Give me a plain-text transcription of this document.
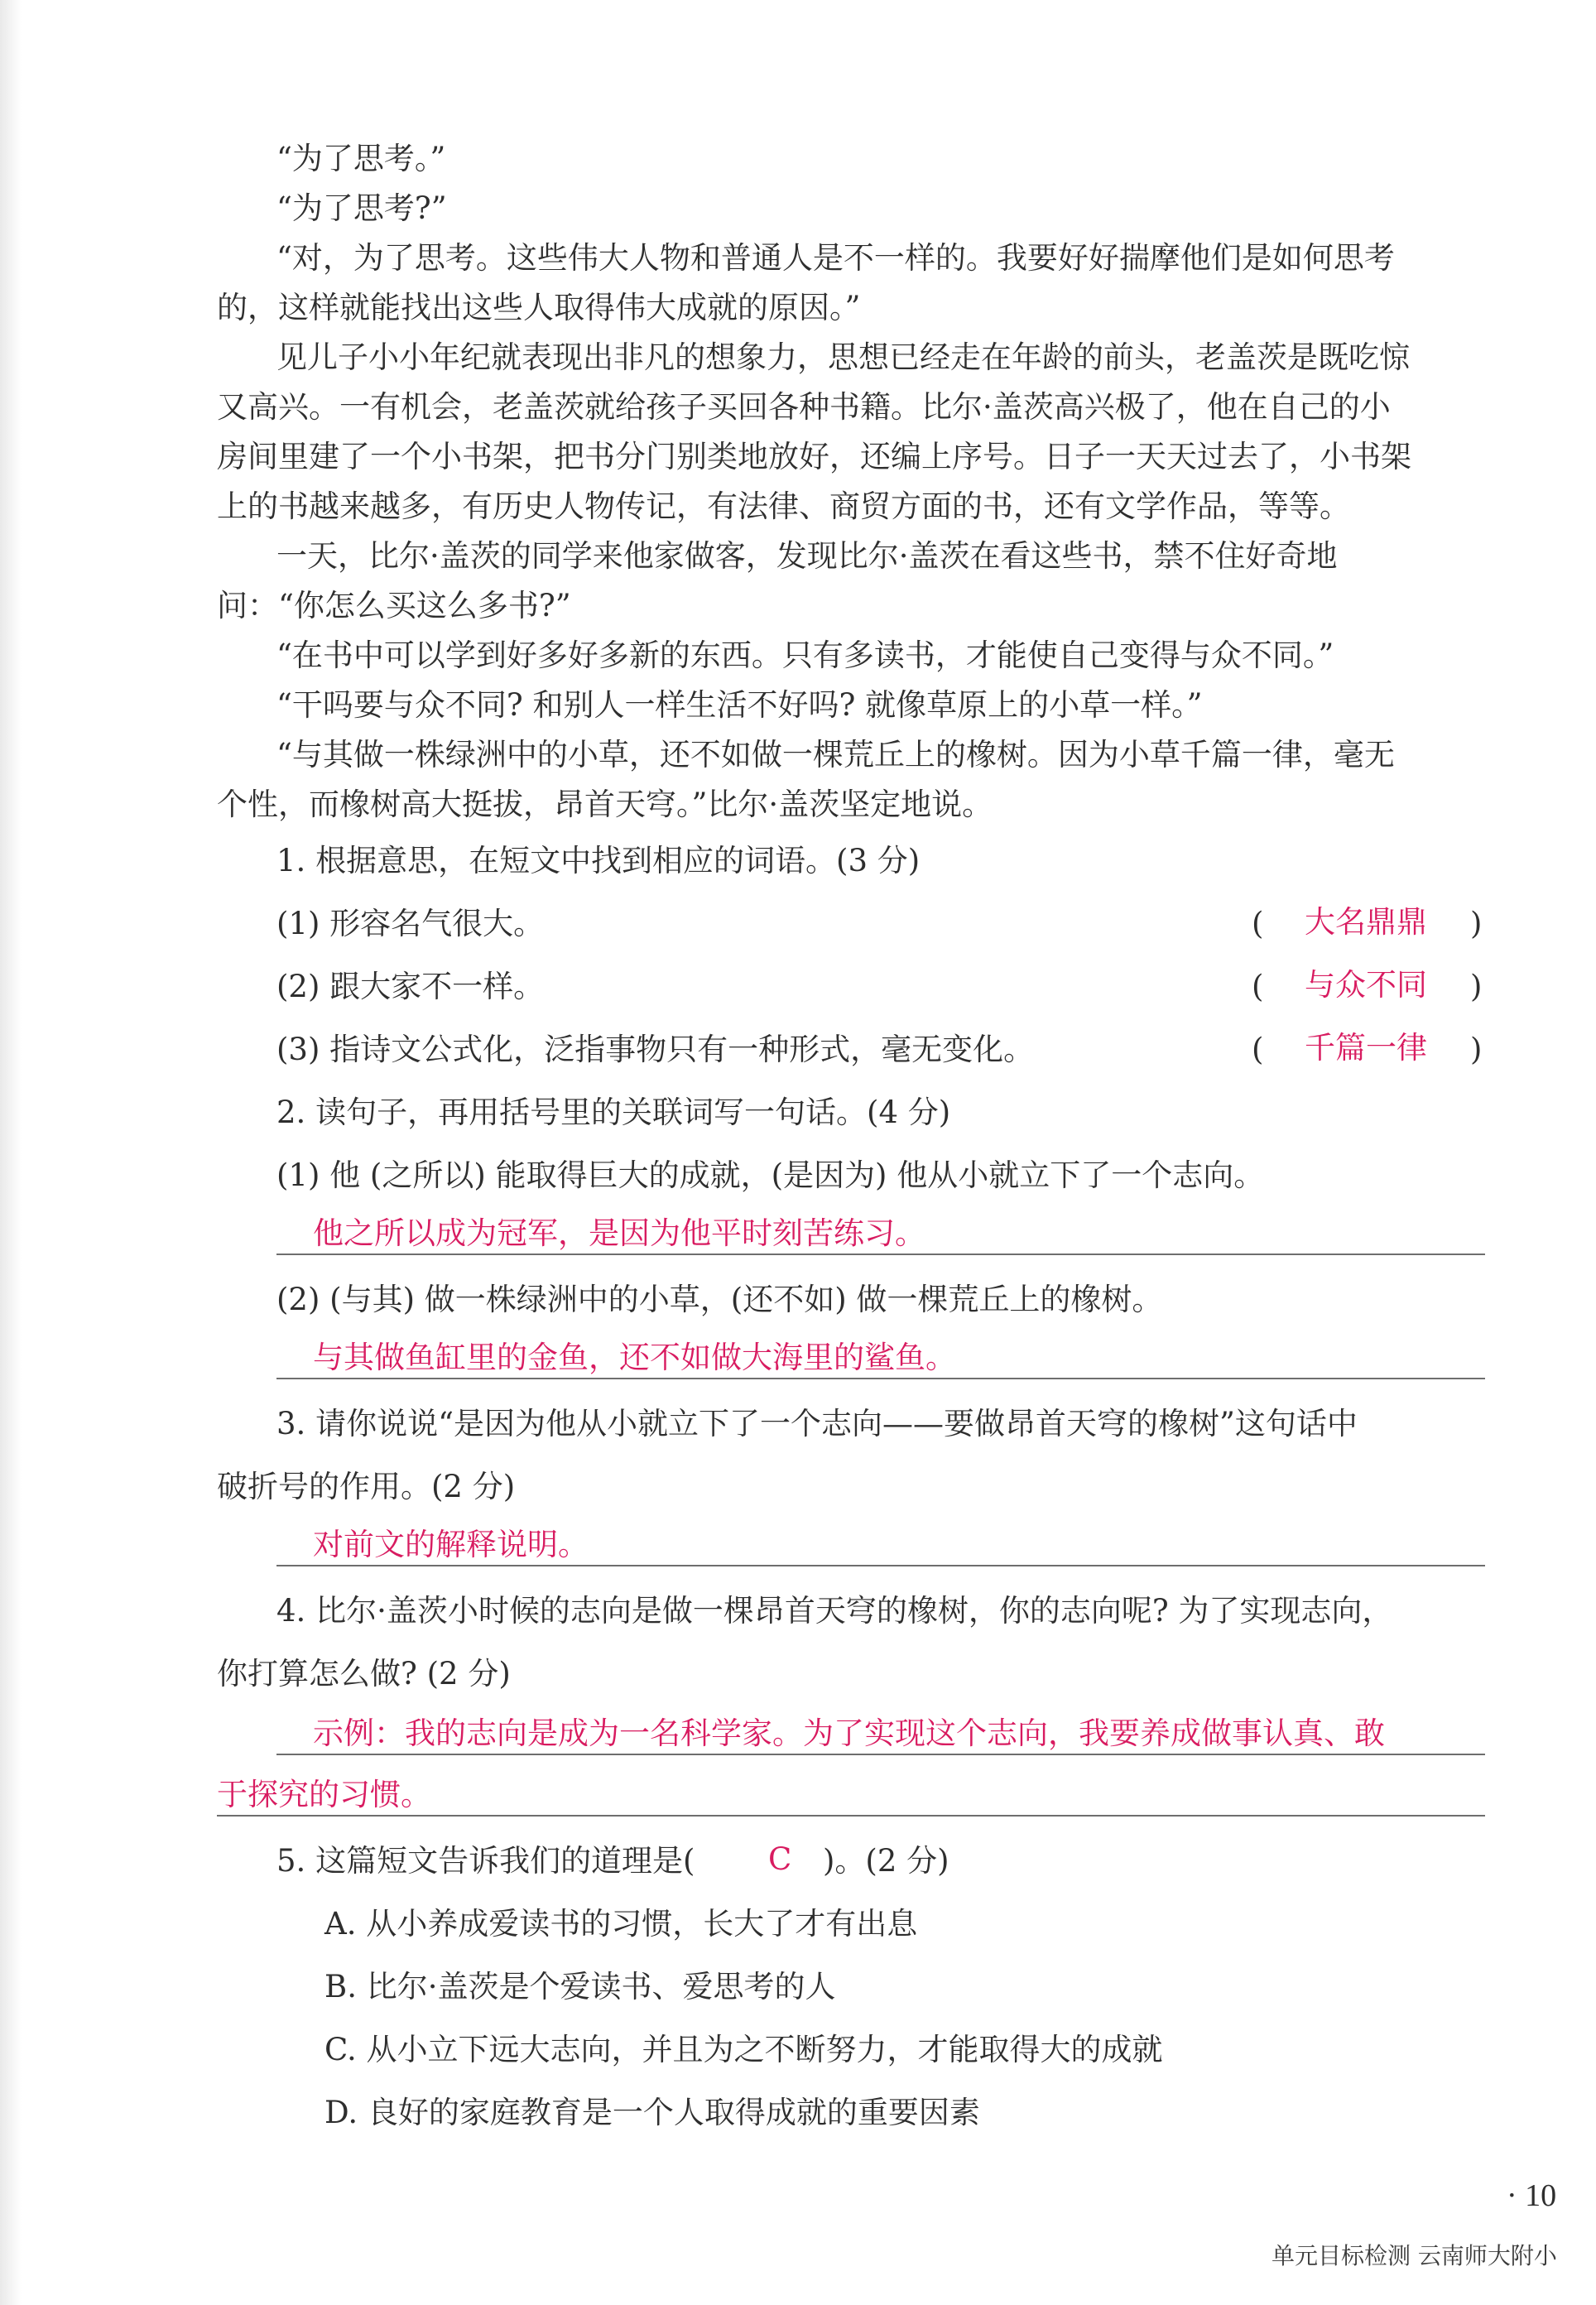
“为了思考。”
“为了思考?”
“对，为了思考。这些伟大人物和普通人是不一样的。我要好好揣摩他们是如何思考
的，这样就能找出这些人取得伟大成就的原因。”
见儿子小小年纪就表现出非凡的想象力，思想已经走在年龄的前头，老盖茨是既吃惊
又高兴。一有机会，老盖茨就给孩子买回各种书籍。比尔·盖茨高兴极了，他在自己的小
房间里建了一个小书架，把书分门别类地放好，还编上序号。日子一天天过去了，小书架
上的书越来越多，有历史人物传记，有法律、商贸方面的书，还有文学作品，等等。
一天，比尔·盖茨的同学来他家做客，发现比尔·盖茨在看这些书，禁不住好奇地
问：“你怎么买这么多书?”
“在书中可以学到好多好多新的东西。只有多读书，才能使自己变得与众不同。”
“干吗要与众不同? 和别人一样生活不好吗? 就像草原上的小草一样。”
“与其做一株绿洲中的小草，还不如做一棵荒丘上的橡树。因为小草千篇一律，毫无
个性，而橡树高大挺拔，昂首天穹。”比尔·盖茨坚定地说。
1. 根据意思，在短文中找到相应的词语。(3 分)
(1) 形容名气很大。	( 大名鼎鼎 )
(2) 跟大家不一样。	( 与众不同 )
(3) 指诗文公式化，泛指事物只有一种形式，毫无变化。	( 千篇一律 )
2. 读句子，再用括号里的关联词写一句话。(4 分)
(1) 他 (之所以) 能取得巨大的成就，(是因为) 他从小就立下了一个志向。
他之所以成为冠军，是因为他平时刻苦练习。
(2) (与其) 做一株绿洲中的小草，(还不如) 做一棵荒丘上的橡树。
与其做鱼缸里的金鱼，还不如做大海里的鲨鱼。
3. 请你说说“是因为他从小就立下了一个志向——要做昂首天穹的橡树”这句话中
破折号的作用。(2 分)
对前文的解释说明。
4. 比尔·盖茨小时候的志向是做一棵昂首天穹的橡树，你的志向呢? 为了实现志向，
你打算怎么做? (2 分)
示例：我的志向是成为一名科学家。为了实现这个志向，我要养成做事认真、敢
于探究的习惯。
5. 这篇短文告诉我们的道理是( C )。(2 分)
A. 从小养成爱读书的习惯，长大了才有出息
B. 比尔·盖茨是个爱读书、爱思考的人
C. 从小立下远大志向，并且为之不断努力，才能取得大的成就
D. 良好的家庭教育是一个人取得成就的重要因素
· 10
单元目标检测 云南师大附小
